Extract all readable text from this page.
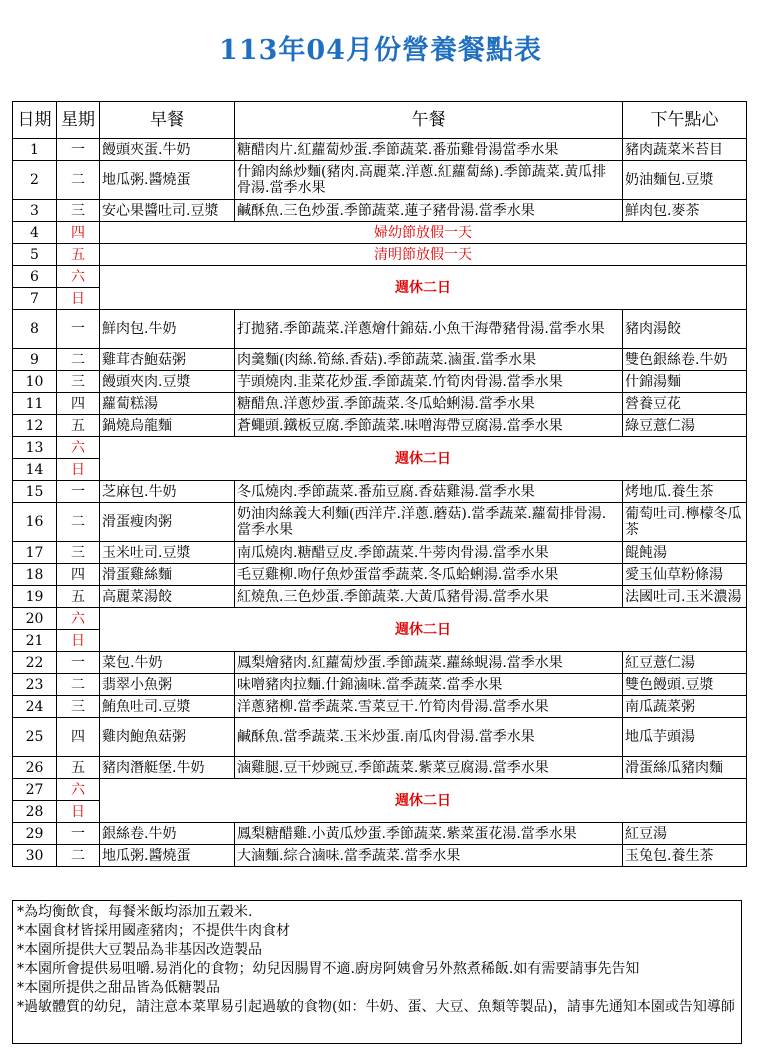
113年04月份營養餐點表
日期	星期	早餐	午餐	下午點心
1	一	饅頭夾蛋.牛奶	糖醋肉片.紅蘿蔔炒蛋.季節蔬菜.番茄雞骨湯當季水果	豬肉蔬菜米苔目
2	二	地瓜粥.醬燒蛋	什錦肉絲炒麵(豬肉.高麗菜.洋蔥.紅蘿蔔絲).季節蔬菜.黃瓜排骨湯.當季水果	奶油麵包.豆漿
3	三	安心果醬吐司.豆漿	鹹酥魚.三色炒蛋.季節蔬菜.蓮子豬骨湯.當季水果	鮮肉包.麥茶
4	四	婦幼節放假一天		
5	五	清明節放假一天		
6	六	週休二日		
7	日			
8	一	鮮肉包.牛奶	打拋豬.季節蔬菜.洋蔥燴什錦菇.小魚干海帶豬骨湯.當季水果	豬肉湯餃
9	二	雞茸杏鮑菇粥	肉羹麵(肉絲.筍絲.香菇).季節蔬菜.滷蛋.當季水果	雙色銀絲卷.牛奶
10	三	饅頭夾肉.豆漿	芋頭燒肉.韭菜花炒蛋.季節蔬菜.竹筍肉骨湯.當季水果	什錦湯麵
11	四	蘿蔔糕湯	糖醋魚.洋蔥炒蛋.季節蔬菜.冬瓜蛤蜊湯.當季水果	營養豆花
12	五	鍋燒烏龍麵	蒼蠅頭.鐵板豆腐.季節蔬菜.味噌海帶豆腐湯.當季水果	綠豆薏仁湯
13	六	週休二日		
14	日			
15	一	芝麻包.牛奶	冬瓜燒肉.季節蔬菜.番茄豆腐.香菇雞湯.當季水果	烤地瓜.養生茶
16	二	滑蛋瘦肉粥	奶油肉絲義大利麵(西洋芹.洋蔥.蘑菇).當季蔬菜.蘿蔔排骨湯.當季水果	葡萄吐司.檸檬冬瓜茶
17	三	玉米吐司.豆漿	南瓜燒肉.糖醋豆皮.季節蔬菜.牛蒡肉骨湯.當季水果	餛飩湯
18	四	滑蛋雞絲麵	毛豆雞柳.吻仔魚炒蛋當季蔬菜.冬瓜蛤蜊湯.當季水果	愛玉仙草粉條湯
19	五	高麗菜湯餃	紅燒魚.三色炒蛋.季節蔬菜.大黃瓜豬骨湯.當季水果	法國吐司.玉米濃湯
20	六	週休二日		
21	日			
22	一	菜包.牛奶	鳳梨燴豬肉.紅蘿蔔炒蛋.季節蔬菜.蘿絲蜆湯.當季水果	紅豆薏仁湯
23	二	翡翠小魚粥	味噌豬肉拉麵.什錦滷味.當季蔬菜.當季水果	雙色饅頭.豆漿
24	三	鮪魚吐司.豆漿	洋蔥豬柳.當季蔬菜.雪菜豆干.竹筍肉骨湯.當季水果	南瓜蔬菜粥
25	四	雞肉鮑魚菇粥	鹹酥魚.當季蔬菜.玉米炒蛋.南瓜肉骨湯.當季水果	地瓜芋頭湯
26	五	豬肉潛艇堡.牛奶	滷雞腿.豆干炒豌豆.季節蔬菜.紫菜豆腐湯.當季水果	滑蛋絲瓜豬肉麵
27	六	週休二日		
28	日			
29	一	銀絲卷.牛奶	鳳梨糖醋雞.小黃瓜炒蛋.季節蔬菜.紫菜蛋花湯.當季水果	紅豆湯
30	二	地瓜粥.醬燒蛋	大滷麵.綜合滷味.當季蔬菜.當季水果	玉兔包.養生茶
*為均衡飲食，每餐米飯均添加五穀米.
*本園食材皆採用國產豬肉；不提供牛肉食材
*本園所提供大豆製品為非基因改造製品
*本園所會提供易咀嚼.易消化的食物；幼兒因腸胃不適.廚房阿姨會另外熬煮稀飯.如有需要請事先告知
*本園所提供之甜品皆為低糖製品
*過敏體質的幼兒，請注意本菜單易引起過敏的食物(如：牛奶、蛋、大豆、魚類等製品)，請事先通知本園或告知導師
